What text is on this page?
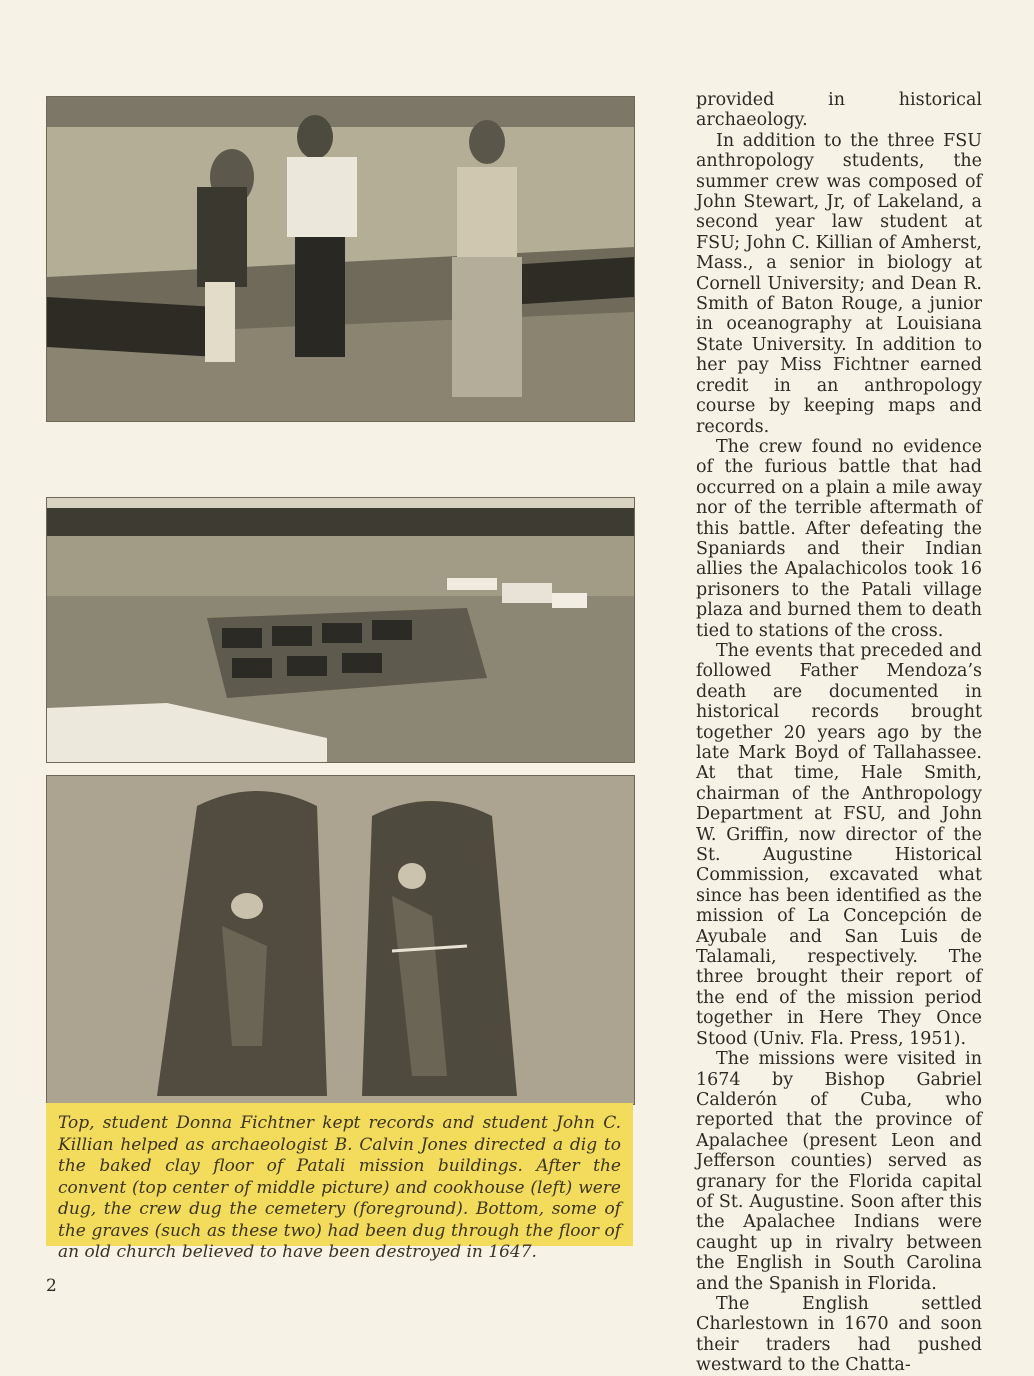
Top, student Donna Fichtner kept records and student John C. Killian helped as archaeologist B. Calvin Jones directed a dig to the baked clay floor of Patali mission buildings. After the convent (top center of middle picture) and cookhouse (left) were dug, the crew dug the cemetery (foreground). Bottom, some of the graves (such as these two) had been dug through the floor of an old church believed to have been destroyed in 1647.

provided in historical archaeology.

In addition to the three FSU anthropology students, the summer crew was composed of John Stewart, Jr, of Lakeland, a second year law student at FSU; John C. Killian of Amherst, Mass., a senior in biology at Cornell University; and Dean R. Smith of Baton Rouge, a junior in oceanography at Louisiana State University. In addition to her pay Miss Fichtner earned credit in an anthropology course by keeping maps and records.

The crew found no evidence of the furious battle that had occurred on a plain a mile away nor of the terrible aftermath of this battle. After defeating the Spaniards and their Indian allies the Apalachicolos took 16 prisoners to the Patali village plaza and burned them to death tied to stations of the cross.

The events that preceded and followed Father Mendoza’s death are documented in historical records brought together 20 years ago by the late Mark Boyd of Tallahassee. At that time, Hale Smith, chairman of the Anthropology Department at FSU, and John W. Griffin, now director of the St. Augustine Historical Commission, excavated what since has been identified as the mission of La Concepción de Ayubale and San Luis de Talamali, respectively. The three brought their report of the end of the mission period together in Here They Once Stood (Univ. Fla. Press, 1951).

The missions were visited in 1674 by Bishop Gabriel Calderón of Cuba, who reported that the province of Apalachee (present Leon and Jefferson counties) served as granary for the Florida capital of St. Augustine. Soon after this the Apalachee Indians were caught up in rivalry between the English in South Carolina and the Spanish in Florida.

The English settled Charlestown in 1670 and soon their traders had pushed westward to the Chatta-

2
